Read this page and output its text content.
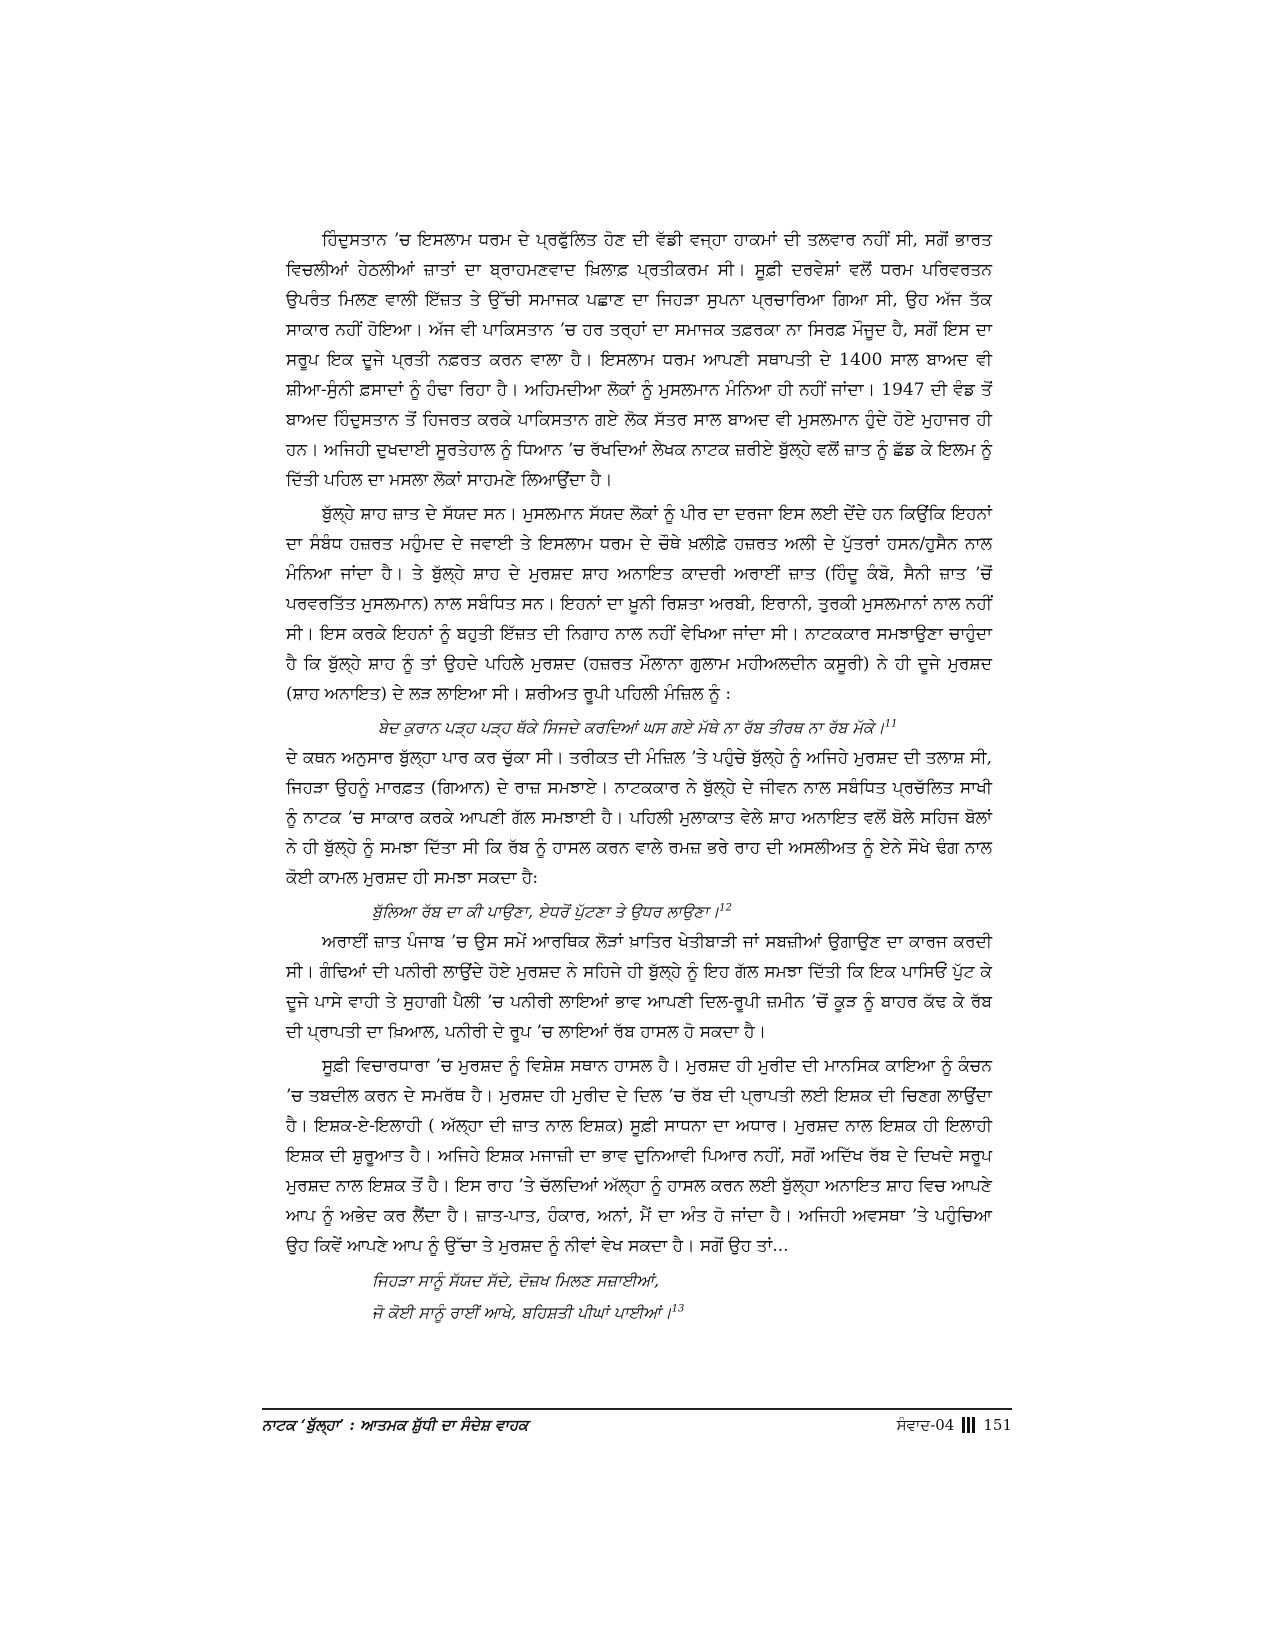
ਹਿੰਦੁਸਤਾਨ ’ਚ ਇਸਲਾਮ ਧਰਮ ਦੇ ਪ੍ਰਫੁੱਲਿਤ ਹੋਣ ਦੀ ਵੱਡੀ ਵਜ੍ਹਾ ਹਾਕਮਾਂ ਦੀ ਤਲਵਾਰ ਨਹੀਂ ਸੀ, ਸਗੋਂ ਭਾਰਤ ਵਿਚਲੀਆਂ ਹੇਠਲੀਆਂ ਜ਼ਾਤਾਂ ਦਾ ਬ੍ਰਾਹਮਣਵਾਦ ਖ਼ਿਲਾਫ਼ ਪ੍ਰਤੀਕਰਮ ਸੀ। ਸੂਫ਼ੀ ਦਰਵੇਸ਼ਾਂ ਵਲੋਂ ਧਰਮ ਪਰਿਵਰਤਨ ਉਪਰੰਤ ਮਿਲਣ ਵਾਲੀ ਇੱਜ਼ਤ ਤੇ ਉੱਚੀ ਸਮਾਜਕ ਪਛਾਣ ਦਾ ਜਿਹੜਾ ਸੁਪਨਾ ਪ੍ਰਚਾਰਿਆ ਗਿਆ ਸੀ, ਉਹ ਅੱਜ ਤੱਕ ਸਾਕਾਰ ਨਹੀਂ ਹੋਇਆ। ਅੱਜ ਵੀ ਪਾਕਿਸਤਾਨ ’ਚ ਹਰ ਤਰ੍ਹਾਂ ਦਾ ਸਮਾਜਕ ਤਫ਼ਰਕਾ ਨਾ ਸਿਰਫ਼ ਮੌਜੂਦ ਹੈ, ਸਗੋਂ ਇਸ ਦਾ ਸਰੂਪ ਇਕ ਦੂਜੇ ਪ੍ਰਤੀ ਨਫ਼ਰਤ ਕਰਨ ਵਾਲਾ ਹੈ। ਇਸਲਾਮ ਧਰਮ ਆਪਣੀ ਸਥਾਪਤੀ ਦੇ 1400 ਸਾਲ ਬਾਅਦ ਵੀ ਸ਼ੀਆ-ਸੁੰਨੀ ਫ਼ਸਾਦਾਂ ਨੂੰ ਹੰਢਾ ਰਿਹਾ ਹੈ। ਅਹਿਮਦੀਆ ਲੋਕਾਂ ਨੂੰ ਮੁਸਲਮਾਨ ਮੰਨਿਆ ਹੀ ਨਹੀਂ ਜਾਂਦਾ। 1947 ਦੀ ਵੰਡ ਤੋਂ ਬਾਅਦ ਹਿੰਦੁਸਤਾਨ ਤੋਂ ਹਿਜਰਤ ਕਰਕੇ ਪਾਕਿਸਤਾਨ ਗਏ ਲੋਕ ਸੱਤਰ ਸਾਲ ਬਾਅਦ ਵੀ ਮੁਸਲਮਾਨ ਹੁੰਦੇ ਹੋਏ ਮੁਹਾਜਰ ਹੀ ਹਨ। ਅਜਿਹੀ ਦੁਖਦਾਈ ਸੂਰਤੇਹਾਲ ਨੂੰ ਧਿਆਨ ’ਚ ਰੱਖਦਿਆਂ ਲੇਖਕ ਨਾਟਕ ਜ਼ਰੀਏ ਬੁੱਲ੍ਹੇ ਵਲੋਂ ਜ਼ਾਤ ਨੂੰ ਛੱਡ ਕੇ ਇਲਮ ਨੂੰ ਦਿੱਤੀ ਪਹਿਲ ਦਾ ਮਸਲਾ ਲੋਕਾਂ ਸਾਹਮਣੇ ਲਿਆਉਂਦਾ ਹੈ।

ਬੁੱਲ੍ਹੇ ਸ਼ਾਹ ਜ਼ਾਤ ਦੇ ਸੱਯਦ ਸਨ। ਮੁਸਲਮਾਨ ਸੱਯਦ ਲੋਕਾਂ ਨੂੰ ਪੀਰ ਦਾ ਦਰਜਾ ਇਸ ਲਈ ਦੇਂਦੇ ਹਨ ਕਿਉਂਕਿ ਇਹਨਾਂ ਦਾ ਸੰਬੰਧ ਹਜ਼ਰਤ ਮਹੁੰਮਦ ਦੇ ਜਵਾਈ ਤੇ ਇਸਲਾਮ ਧਰਮ ਦੇ ਚੌਥੇ ਖ਼ਲੀਫ਼ੇ ਹਜ਼ਰਤ ਅਲੀ ਦੇ ਪੁੱਤਰਾਂ ਹਸਨ/ਹੁਸੈਨ ਨਾਲ ਮੰਨਿਆ ਜਾਂਦਾ ਹੈ। ਤੇ ਬੁੱਲ੍ਹੇ ਸ਼ਾਹ ਦੇ ਮੁਰਸ਼ਦ ਸ਼ਾਹ ਅਨਾਇਤ ਕਾਦਰੀ ਅਰਾਈਂ ਜ਼ਾਤ (ਹਿੰਦੂ ਕੰਬੋ, ਸੈਨੀ ਜ਼ਾਤ ’ਚੋਂ ਪਰਵਰਤਿੱਤ ਮੁਸਲਮਾਨ) ਨਾਲ ਸਬੰਧਿਤ ਸਨ। ਇਹਨਾਂ ਦਾ ਖ਼ੂਨੀ ਰਿਸ਼ਤਾ ਅਰਬੀ, ਇਰਾਨੀ, ਤੁਰਕੀ ਮੁਸਲਮਾਨਾਂ ਨਾਲ ਨਹੀਂ ਸੀ। ਇਸ ਕਰਕੇ ਇਹਨਾਂ ਨੂੰ ਬਹੁਤੀ ਇੱਜ਼ਤ ਦੀ ਨਿਗਾਹ ਨਾਲ ਨਹੀਂ ਵੇਖਿਆ ਜਾਂਦਾ ਸੀ। ਨਾਟਕਕਾਰ ਸਮਝਾਉਣਾ ਚਾਹੁੰਦਾ ਹੈ ਕਿ ਬੁੱਲ੍ਹੇ ਸ਼ਾਹ ਨੂੰ ਤਾਂ ਉਹਦੇ ਪਹਿਲੇ ਮੁਰਸ਼ਦ (ਹਜ਼ਰਤ ਮੌਲਾਨਾ ਗੁਲਾਮ ਮਹੀਅਲਦੀਨ ਕਸੂਰੀ) ਨੇ ਹੀ ਦੂਜੇ ਮੁਰਸ਼ਦ (ਸ਼ਾਹ ਅਨਾਇਤ) ਦੇ ਲੜ ਲਾਇਆ ਸੀ। ਸ਼ਰੀਅਤ ਰੂਪੀ ਪਹਿਲੀ ਮੰਜ਼ਿਲ ਨੂੰ :

ਬੇਦ ਕੁਰਾਨ ਪੜ੍ਹ ਪੜ੍ਹ ਥੱਕੇ ਸਿਜਦੇ ਕਰਦਿਆਂ ਘਸ ਗਏ ਮੱਥੇ ਨਾ ਰੱਬ ਤੀਰਥ ਨਾ ਰੱਬ ਮੱਕੇ।$^{11}$

ਦੇ ਕਥਨ ਅਨੁਸਾਰ ਬੁੱਲ੍ਹਾ ਪਾਰ ਕਰ ਚੁੱਕਾ ਸੀ। ਤਰੀਕਤ ਦੀ ਮੰਜ਼ਿਲ ’ਤੇ ਪਹੁੰਚੇ ਬੁੱਲ੍ਹੇ ਨੂੰ ਅਜਿਹੇ ਮੁਰਸ਼ਦ ਦੀ ਤਲਾਸ਼ ਸੀ, ਜਿਹੜਾ ਉਹਨੂੰ ਮਾਰਫ਼ਤ (ਗਿਆਨ) ਦੇ ਰਾਜ਼ ਸਮਝਾਏ। ਨਾਟਕਕਾਰ ਨੇ ਬੁੱਲ੍ਹੇ ਦੇ ਜੀਵਨ ਨਾਲ ਸਬੰਧਿਤ ਪ੍ਰਚੱਲਿਤ ਸਾਖੀ ਨੂੰ ਨਾਟਕ ’ਚ ਸਾਕਾਰ ਕਰਕੇ ਆਪਣੀ ਗੱਲ ਸਮਝਾਈ ਹੈ। ਪਹਿਲੀ ਮੁਲਾਕਾਤ ਵੇਲੇ ਸ਼ਾਹ ਅਨਾਇਤ ਵਲੋਂ ਬੋਲੇ ਸਹਿਜ ਬੋਲਾਂ ਨੇ ਹੀ ਬੁੱਲ੍ਹੇ ਨੂੰ ਸਮਝਾ ਦਿੱਤਾ ਸੀ ਕਿ ਰੱਬ ਨੂੰ ਹਾਸਲ ਕਰਨ ਵਾਲੇ ਰਮਜ਼ ਭਰੇ ਰਾਹ ਦੀ ਅਸਲੀਅਤ ਨੂੰ ਏਨੇ ਸੌਖੇ ਢੰਗ ਨਾਲ ਕੋਈ ਕਾਮਲ ਮੁਰਸ਼ਦ ਹੀ ਸਮਝਾ ਸਕਦਾ ਹੈ:

ਬੁੱਲਿਆ ਰੱਬ ਦਾ ਕੀ ਪਾਉਣਾ, ਏਧਰੋਂ ਪੁੱਟਣਾ ਤੇ ਉਧਰ ਲਾਉਣਾ।$^{12}$

ਅਰਾਈਂ ਜ਼ਾਤ ਪੰਜਾਬ ’ਚ ਉਸ ਸਮੇਂ ਆਰਥਿਕ ਲੋੜਾਂ ਖ਼ਾਤਿਰ ਖੇਤੀਬਾੜੀ ਜਾਂ ਸਬਜ਼ੀਆਂ ਉਗਾਉਣ ਦਾ ਕਾਰਜ ਕਰਦੀ ਸੀ। ਗੰਢਿਆਂ ਦੀ ਪਨੀਰੀ ਲਾਉਂਦੇ ਹੋਏ ਮੁਰਸ਼ਦ ਨੇ ਸਹਿਜੇ ਹੀ ਬੁੱਲ੍ਹੇ ਨੂੰ ਇਹ ਗੱਲ ਸਮਝਾ ਦਿੱਤੀ ਕਿ ਇਕ ਪਾਸਿਓਂ ਪੁੱਟ ਕੇ ਦੂਜੇ ਪਾਸੇ ਵਾਹੀ ਤੇ ਸੁਹਾਗੀ ਪੈਲੀ ’ਚ ਪਨੀਰੀ ਲਾਇਆਂ ਭਾਵ ਆਪਣੀ ਦਿਲ-ਰੂਪੀ ਜ਼ਮੀਨ ’ਚੋਂ ਕੂੜ ਨੂੰ ਬਾਹਰ ਕੱਢ ਕੇ ਰੱਬ ਦੀ ਪ੍ਰਾਪਤੀ ਦਾ ਖ਼ਿਆਲ, ਪਨੀਰੀ ਦੇ ਰੂਪ ’ਚ ਲਾਇਆਂ ਰੱਬ ਹਾਸਲ ਹੋ ਸਕਦਾ ਹੈ।

ਸੂਫ਼ੀ ਵਿਚਾਰਧਾਰਾ ’ਚ ਮੁਰਸ਼ਦ ਨੂੰ ਵਿਸ਼ੇਸ਼ ਸਥਾਨ ਹਾਸਲ ਹੈ। ਮੁਰਸ਼ਦ ਹੀ ਮੁਰੀਦ ਦੀ ਮਾਨਸਿਕ ਕਾਇਆ ਨੂੰ ਕੰਚਨ ’ਚ ਤਬਦੀਲ ਕਰਨ ਦੇ ਸਮਰੱਥ ਹੈ। ਮੁਰਸ਼ਦ ਹੀ ਮੁਰੀਦ ਦੇ ਦਿਲ ’ਚ ਰੱਬ ਦੀ ਪ੍ਰਾਪਤੀ ਲਈ ਇਸ਼ਕ ਦੀ ਚਿਣਗ ਲਾਉਂਦਾ ਹੈ। ਇਸ਼ਕ-ਏ-ਇਲਾਹੀ ( ਅੱਲ੍ਹਾ ਦੀ ਜ਼ਾਤ ਨਾਲ ਇਸ਼ਕ) ਸੂਫ਼ੀ ਸਾਧਨਾ ਦਾ ਅਧਾਰ। ਮੁਰਸ਼ਦ ਨਾਲ ਇਸ਼ਕ ਹੀ ਇਲਾਹੀ ਇਸ਼ਕ ਦੀ ਸ਼ੁਰੂਆਤ ਹੈ। ਅਜਿਹੇ ਇਸ਼ਕ ਮਜਾਜ਼ੀ ਦਾ ਭਾਵ ਦੁਨਿਆਵੀ ਪਿਆਰ ਨਹੀਂ, ਸਗੋਂ ਅਦਿੱਖ ਰੱਬ ਦੇ ਦਿਖਦੇ ਸਰੂਪ ਮੁਰਸ਼ਦ ਨਾਲ ਇਸ਼ਕ ਤੋਂ ਹੈ। ਇਸ ਰਾਹ ’ਤੇ ਚੱਲਦਿਆਂ ਅੱਲ੍ਹਾ ਨੂੰ ਹਾਸਲ ਕਰਨ ਲਈ ਬੁੱਲ੍ਹਾ ਅਨਾਇਤ ਸ਼ਾਹ ਵਿਚ ਆਪਣੇ ਆਪ ਨੂੰ ਅਭੇਦ ਕਰ ਲੈਂਦਾ ਹੈ। ਜ਼ਾਤ-ਪਾਤ, ਹੰਕਾਰ, ਅਨਾਂ, ਮੈਂ ਦਾ ਅੰਤ ਹੋ ਜਾਂਦਾ ਹੈ। ਅਜਿਹੀ ਅਵਸਥਾ ’ਤੇ ਪਹੁੰਚਿਆ ਉਹ ਕਿਵੇਂ ਆਪਣੇ ਆਪ ਨੂੰ ਉੱਚਾ ਤੇ ਮੁਰਸ਼ਦ ਨੂੰ ਨੀਵਾਂ ਵੇਖ ਸਕਦਾ ਹੈ। ਸਗੋਂ ਉਹ ਤਾਂ...

ਜਿਹੜਾ ਸਾਨੂੰ ਸੱਯਦ ਸੱਦੇ, ਦੋਜ਼ਖ ਮਿਲਣ ਸਜ਼ਾਈਆਂ,
ਜੋ ਕੋਈ ਸਾਨੂੰ ਰਾਈਂ ਆਖੇ, ਬਹਿਸ਼ਤੀ ਪੀਘਾਂ ਪਾਈਆਂ।$^{13}$
ਨਾਟਕ ‘ਬੁੱਲ੍ਹਾ’ : ਆਤਮਕ ਸ਼ੁੱਧੀ ਦਾ ਸੰਦੇਸ਼ ਵਾਹਕ	ਸੰਵਾਦ-04 151
